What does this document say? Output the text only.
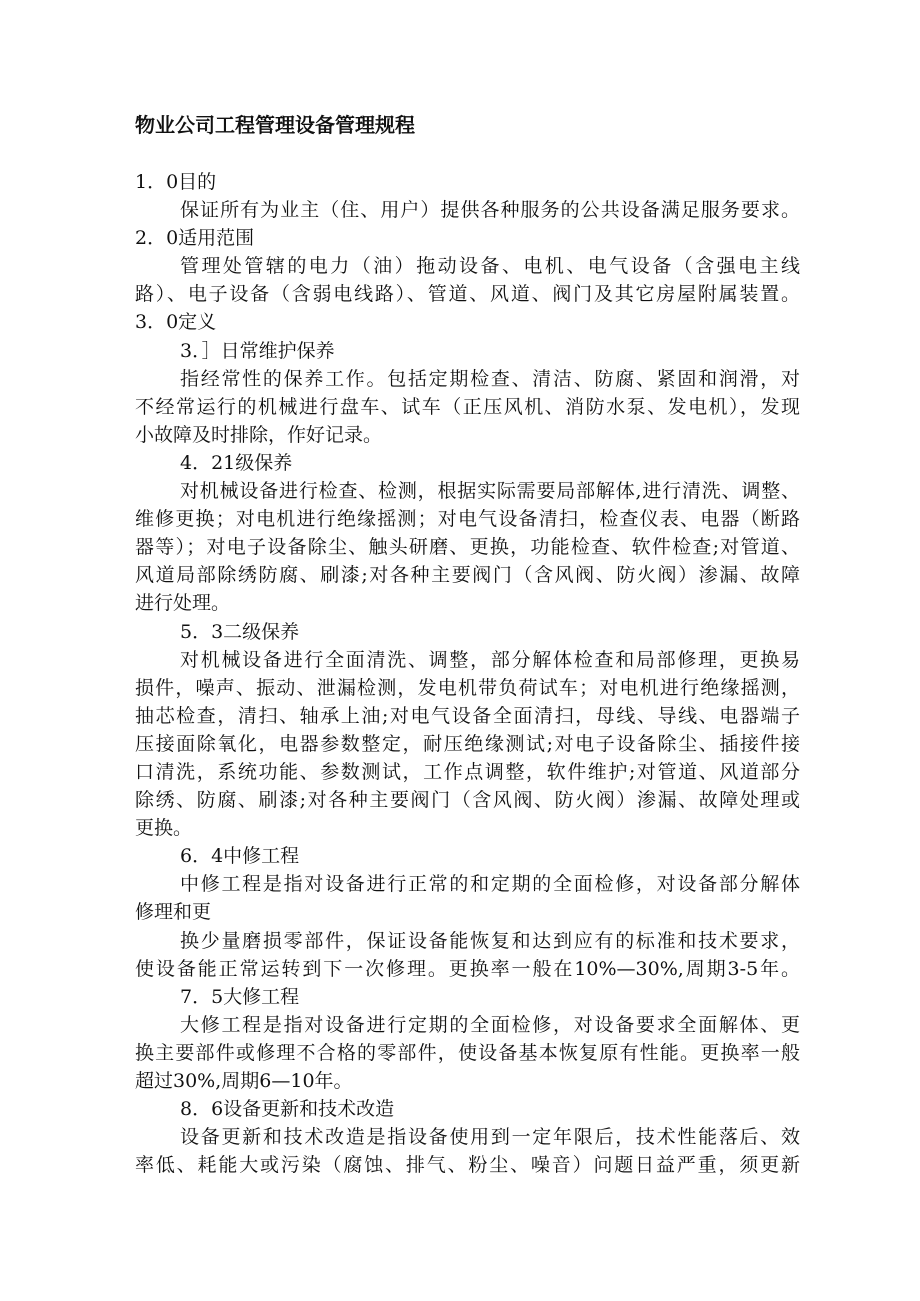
物业公司工程管理设备管理规程
1．0目的
保证所有为业主（住、用户）提供各种服务的公共设备满足服务要求。
2．0适用范围
管理处管辖的电力（油）拖动设备、电机、电气设备（含强电主线
路）、电子设备（含弱电线路）、管道、风道、阀门及其它房屋附属装置。
3．0定义
3．］日常维护保养
指经常性的保养工作。包括定期检查、清洁、防腐、紧固和润滑，对
不经常运行的机械进行盘车、试车（正压风机、消防水泵、发电机），发现
小故障及时排除，作好记录。
4．21级保养
对机械设备进行检查、检测，根据实际需要局部解体,进行清洗、调整、
维修更换；对电机进行绝缘摇测；对电气设备清扫，检查仪表、电器（断路
器等）；对电子设备除尘、触头研磨、更换，功能检查、软件检查;对管道、
风道局部除绣防腐、刷漆;对各种主要阀门（含风阀、防火阀）渗漏、故障
进行处理。
5．3二级保养
对机械设备进行全面清洗、调整，部分解体检查和局部修理，更换易
损件，噪声、振动、泄漏检测，发电机带负荷试车；对电机进行绝缘摇测，
抽芯检查，清扫、轴承上油;对电气设备全面清扫，母线、导线、电器端子
压接面除氧化，电器参数整定，耐压绝缘测试;对电子设备除尘、插接件接
口清洗，系统功能、参数测试，工作点调整，软件维护;对管道、风道部分
除绣、防腐、刷漆;对各种主要阀门（含风阀、防火阀）渗漏、故障处理或
更换。
6．4中修工程
中修工程是指对设备进行正常的和定期的全面检修，对设备部分解体
修理和更
换少量磨损零部件，保证设备能恢复和达到应有的标准和技术要求，
使设备能正常运转到下一次修理。更换率一般在10%—30%,周期3-5年。
7．5大修工程
大修工程是指对设备进行定期的全面检修，对设备要求全面解体、更
换主要部件或修理不合格的零部件，使设备基本恢复原有性能。更换率一般
超过30%,周期6—10年。
8．6设备更新和技术改造
设备更新和技术改造是指设备使用到一定年限后，技术性能落后、效
率低、耗能大或污染（腐蚀、排气、粉尘、噪音）问题日益严重，须更新
